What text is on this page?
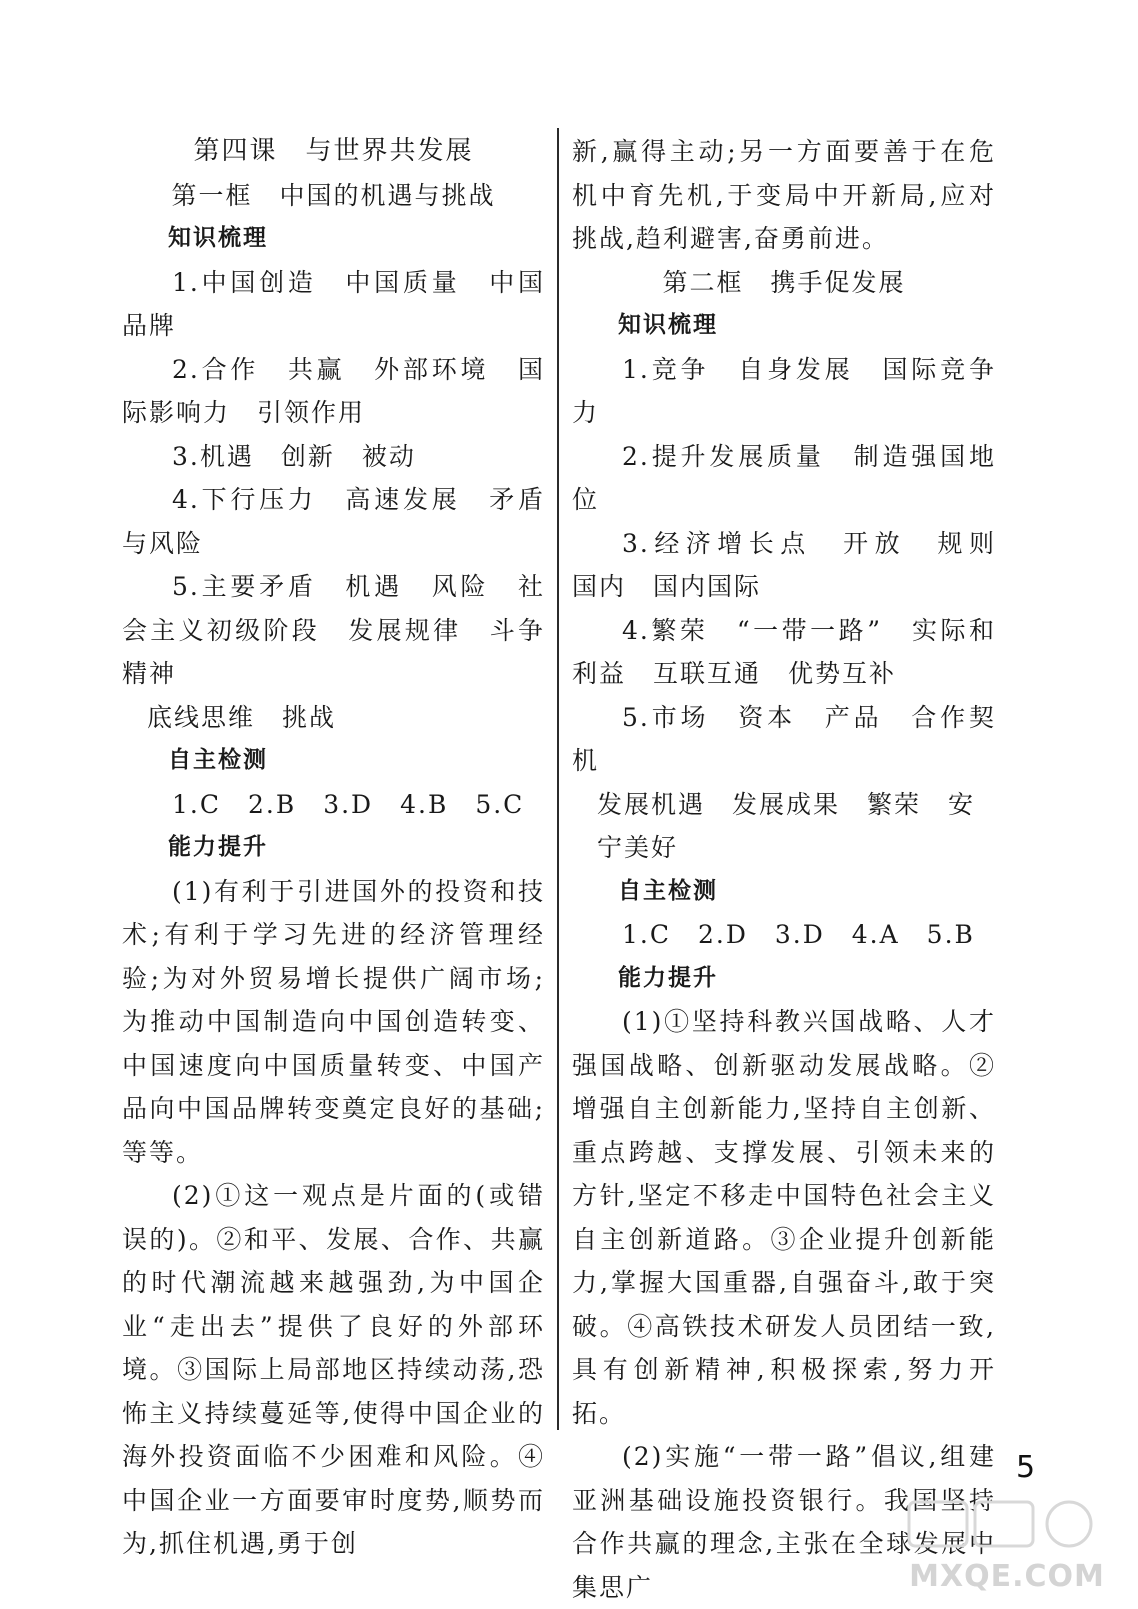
第四课　与世界共发展

第一框　中国的机遇与挑战

知识梳理

1.中国创造　中国质量　中国品牌

2.合作　共赢　外部环境　国际影响力　引领作用

3.机遇　创新　被动

4.下行压力　高速发展　矛盾与风险

5.主要矛盾　机遇　风险　社会主义初级阶段　发展规律　斗争精神

底线思维　挑战

自主检测

1.C　2.B　3.D　4.B　5.C

能力提升

(1)有利于引进国外的投资和技术;有利于学习先进的经济管理经验;为对外贸易增长提供广阔市场;为推动中国制造向中国创造转变、中国速度向中国质量转变、中国产品向中国品牌转变奠定良好的基础;等等。

(2)①这一观点是片面的(或错误的)。②和平、发展、合作、共赢的时代潮流越来越强劲,为中国企业“走出去”提供了良好的外部环境。③国际上局部地区持续动荡,恐怖主义持续蔓延等,使得中国企业的海外投资面临不少困难和风险。④中国企业一方面要审时度势,顺势而为,抓住机遇,勇于创

新,赢得主动;另一方面要善于在危机中育先机,于变局中开新局,应对挑战,趋利避害,奋勇前进。

第二框　携手促发展

知识梳理

1.竞争　自身发展　国际竞争力

2.提升发展质量　制造强国地位

3.经济增长点　开放　规则　国内　国内国际

4.繁荣　“一带一路”　实际和利益　互联互通　优势互补

5.市场　资本　产品　合作契机

发展机遇　发展成果　繁荣　安宁美好

自主检测

1.C　2.D　3.D　4.A　5.B

能力提升

(1)①坚持科教兴国战略、人才强国战略、创新驱动发展战略。②增强自主创新能力,坚持自主创新、重点跨越、支撑发展、引领未来的方针,坚定不移走中国特色社会主义自主创新道路。③企业提升创新能力,掌握大国重器,自强奋斗,敢于突破。④高铁技术研发人员团结一致,具有创新精神,积极探索,努力开拓。

(2)实施“一带一路”倡议,组建亚洲基础设施投资银行。我国坚持合作共赢的理念,主张在全球发展中集思广

5
MXQE.COM
